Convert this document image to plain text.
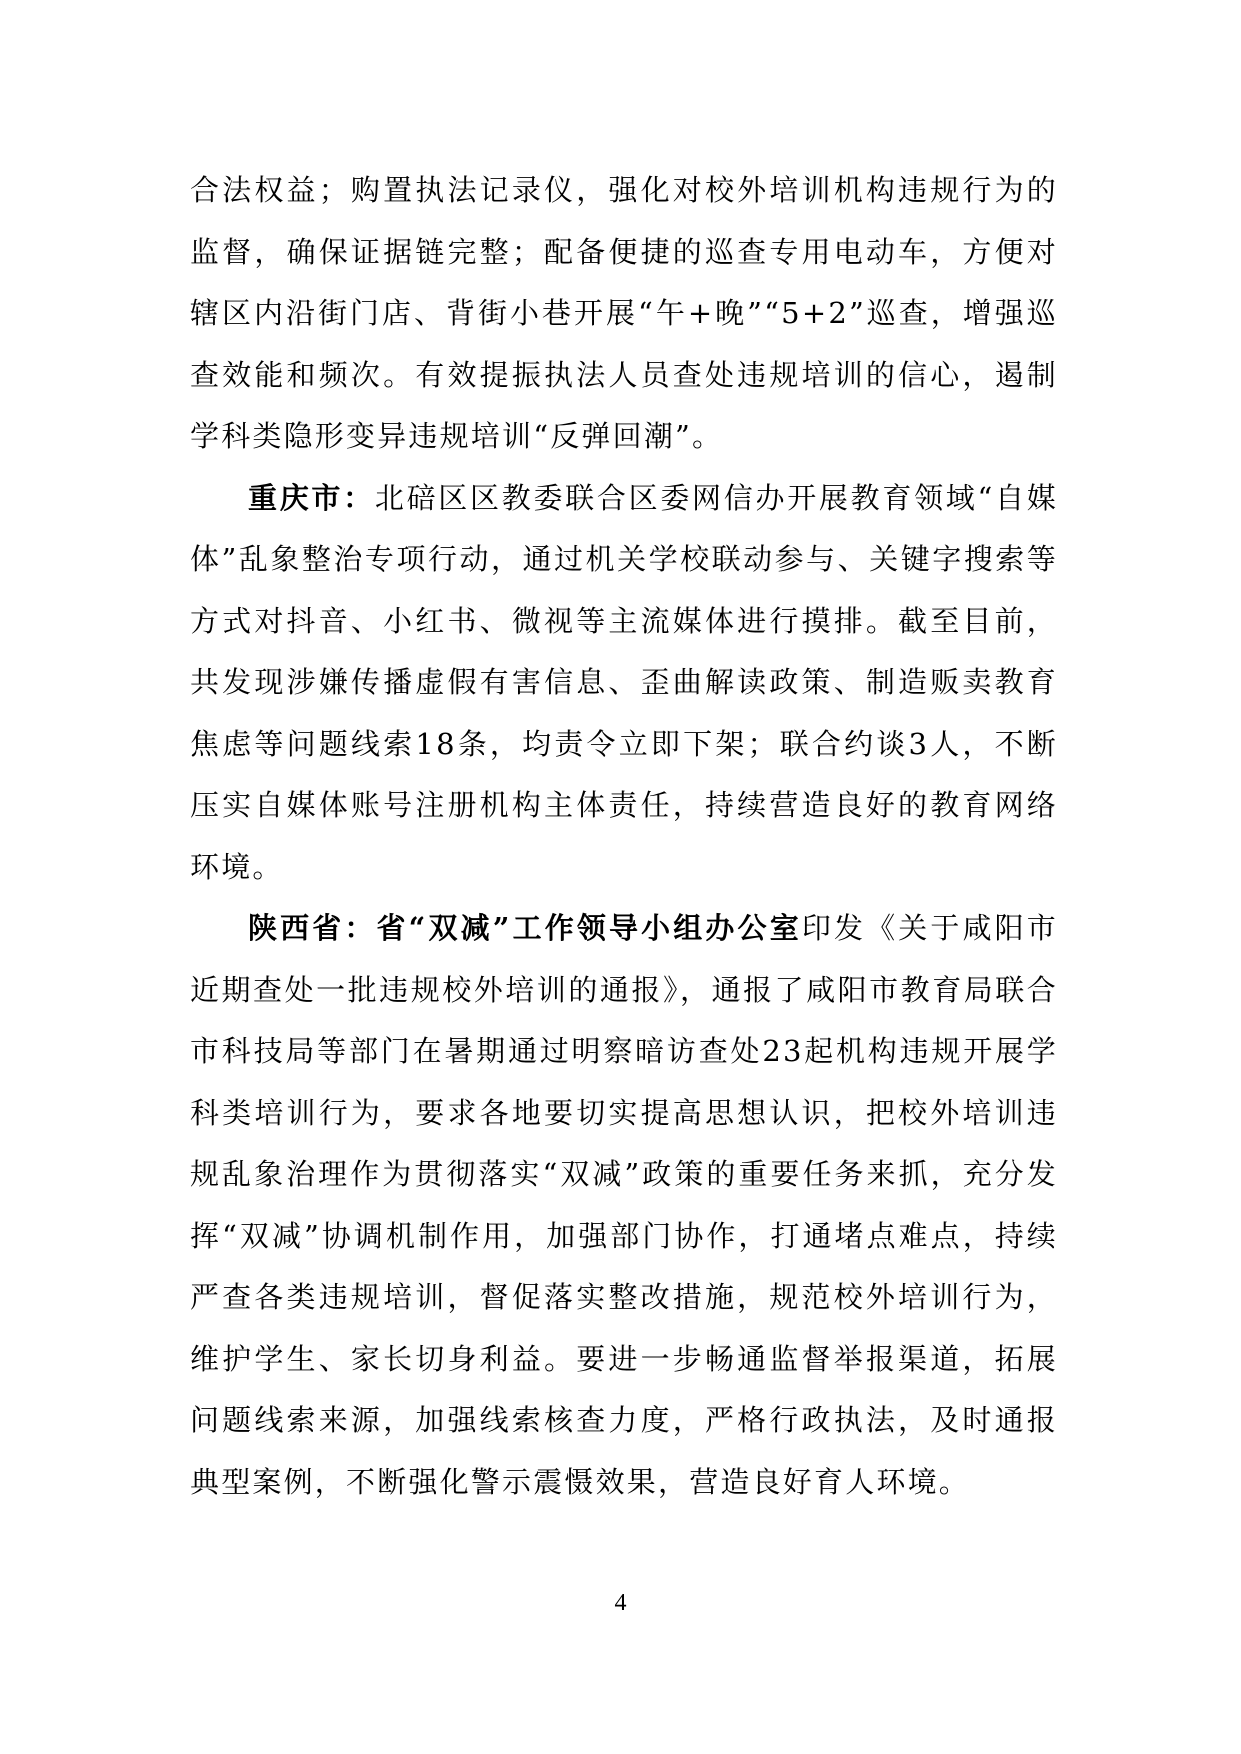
合法权益；购置执法记录仪，强化对校外培训机构违规行为的监督，确保证据链完整；配备便捷的巡查专用电动车，方便对辖区内沿街门店、背街小巷开展“午+晚”“5+2”巡查，增强巡查效能和频次。有效提振执法人员查处违规培训的信心，遏制学科类隐形变异违规培训“反弹回潮”。

重庆市：北碚区区教委联合区委网信办开展教育领域“自媒体”乱象整治专项行动，通过机关学校联动参与、关键字搜索等方式对抖音、小红书、微视等主流媒体进行摸排。截至目前，共发现涉嫌传播虚假有害信息、歪曲解读政策、制造贩卖教育焦虑等问题线索18条，均责令立即下架；联合约谈3人，不断压实自媒体账号注册机构主体责任，持续营造良好的教育网络环境。

陕西省：省“双减”工作领导小组办公室印发《关于咸阳市近期查处一批违规校外培训的通报》，通报了咸阳市教育局联合市科技局等部门在暑期通过明察暗访查处23起机构违规开展学科类培训行为，要求各地要切实提高思想认识，把校外培训违规乱象治理作为贯彻落实“双减”政策的重要任务来抓，充分发挥“双减”协调机制作用，加强部门协作，打通堵点难点，持续严查各类违规培训，督促落实整改措施，规范校外培训行为，维护学生、家长切身利益。要进一步畅通监督举报渠道，拓展问题线索来源，加强线索核查力度，严格行政执法，及时通报典型案例，不断强化警示震慑效果，营造良好育人环境。

4
